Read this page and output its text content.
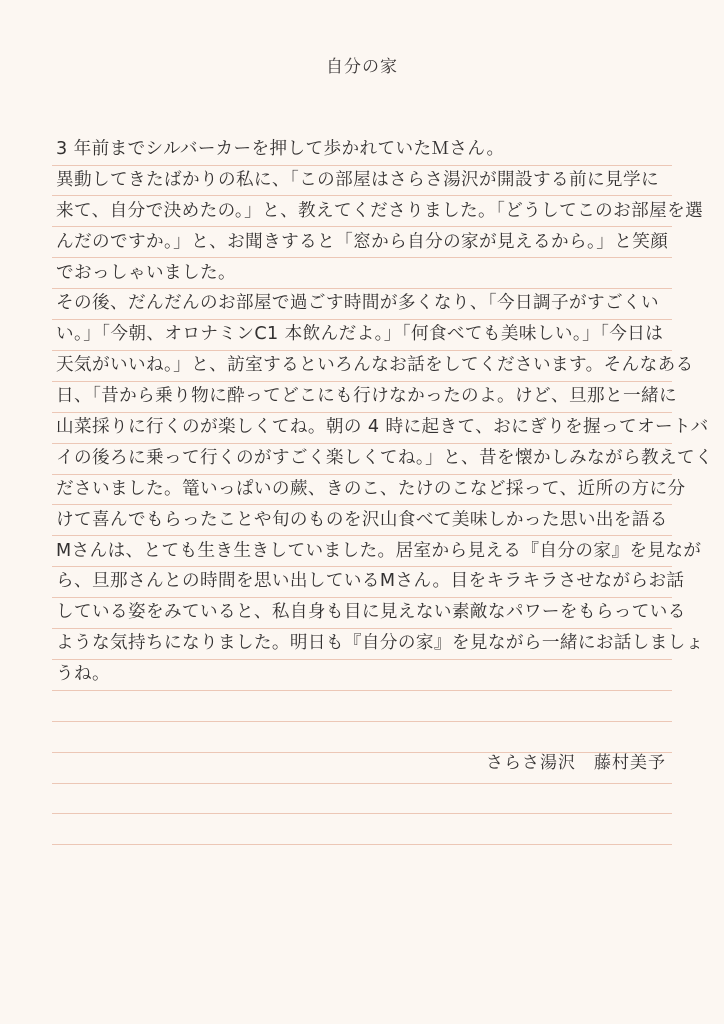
自分の家
3 年前までシルバーカーを押して歩かれていたＭさん。
異動してきたばかりの私に、「この部屋はさらさ湯沢が開設する前に見学に
来て、自分で決めたの。」と、教えてくださりました。「どうしてこのお部屋を選
んだのですか。」と、お聞きすると「窓から自分の家が見えるから。」と笑顔
でおっしゃいました。
その後、だんだんのお部屋で過ごす時間が多くなり、「今日調子がすごくい
い。」「今朝、オロナミンC1 本飲んだよ。」「何食べても美味しい。」「今日は
天気がいいね。」と、訪室するといろんなお話をしてくださいます。そんなある
日、「昔から乗り物に酔ってどこにも行けなかったのよ。けど、旦那と一緒に
山菜採りに行くのが楽しくてね。朝の 4 時に起きて、おにぎりを握ってオートバ
イの後ろに乗って行くのがすごく楽しくてね。」と、昔を懐かしみながら教えてく
ださいました。篭いっぱいの蕨、きのこ、たけのこなど採って、近所の方に分
けて喜んでもらったことや旬のものを沢山食べて美味しかった思い出を語る
Mさんは、とても生き生きしていました。居室から見える『自分の家』を見なが
ら、旦那さんとの時間を思い出しているMさん。目をキラキラさせながらお話
している姿をみていると、私自身も目に見えない素敵なパワーをもらっている
ような気持ちになりました。明日も『自分の家』を見ながら一緒にお話しましょ
うね。
さらさ湯沢　藤村美予
